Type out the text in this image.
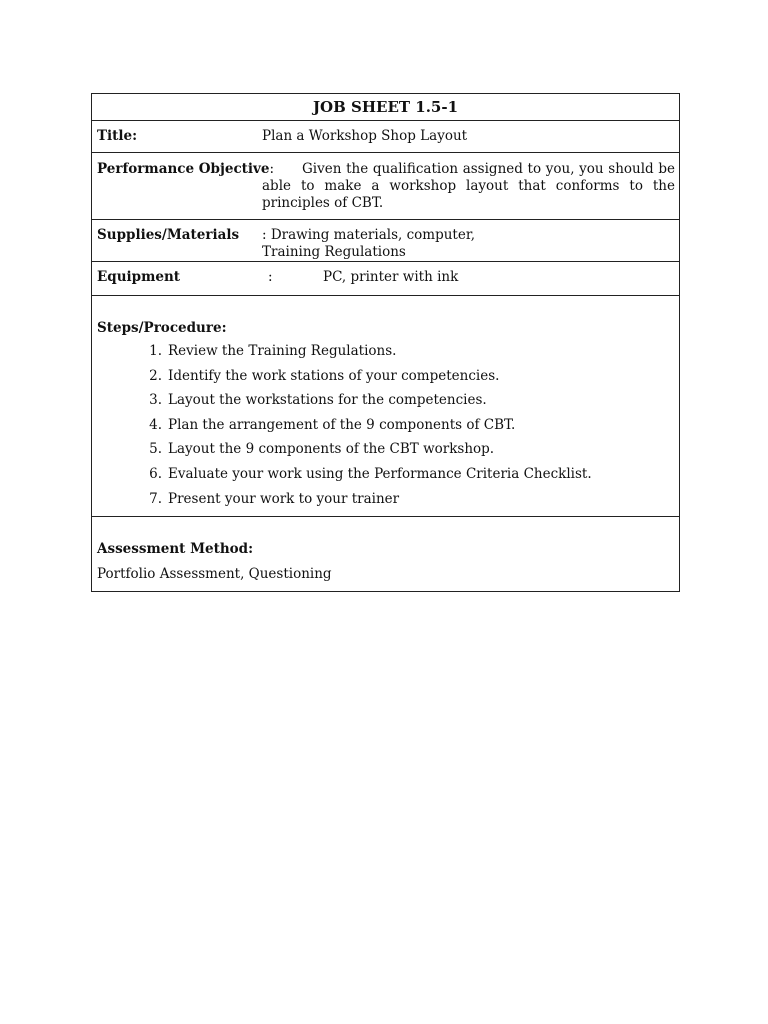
JOB SHEET 1.5-1
Title:	Plan a Workshop Shop Layout
Performance Objective:	Given the qualification assigned to you, you should be able to make a workshop layout that conforms to the principles of CBT.
Supplies/Materials : Drawing materials, computer,
Training Regulations
Equipment	:	PC, printer with ink
Steps/Procedure:
1. Review the Training Regulations.
2. Identify the work stations of your competencies.
3. Layout the workstations for the competencies.
4. Plan the arrangement of the 9 components of CBT.
5. Layout the 9 components of the CBT workshop.
6. Evaluate your work using the Performance Criteria Checklist.
7. Present your work to your trainer
Assessment Method:
Portfolio Assessment, Questioning
